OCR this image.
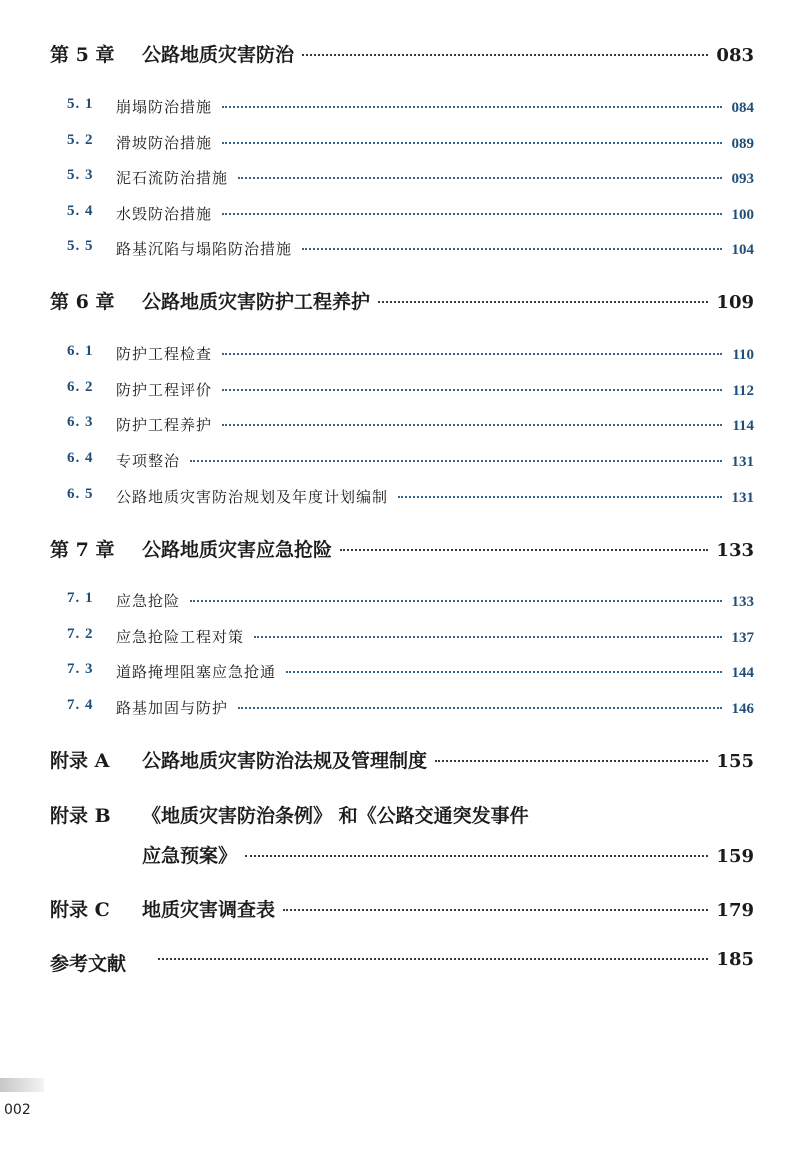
第 5 章 公路地质灾害防治	083
5. 1 崩塌防治措施	084
5. 2 滑坡防治措施	089
5. 3 泥石流防治措施	093
5. 4 水毁防治措施	100
5. 5 路基沉陷与塌陷防治措施	104
第 6 章 公路地质灾害防护工程养护	109
6. 1 防护工程检查	110
6. 2 防护工程评价	112
6. 3 防护工程养护	114
6. 4 专项整治	131
6. 5 公路地质灾害防治规划及年度计划编制	131
第 7 章 公路地质灾害应急抢险	133
7. 1 应急抢险	133
7. 2 应急抢险工程对策	137
7. 3 道路掩埋阻塞应急抢通	144
7. 4 路基加固与防护	146
附录 A 公路地质灾害防治法规及管理制度	155
附录 B 《地质灾害防治条例》 和《公路交通突发事件
应急预案》	159
附录 C 地质灾害调查表	179
参考文献	185
002
